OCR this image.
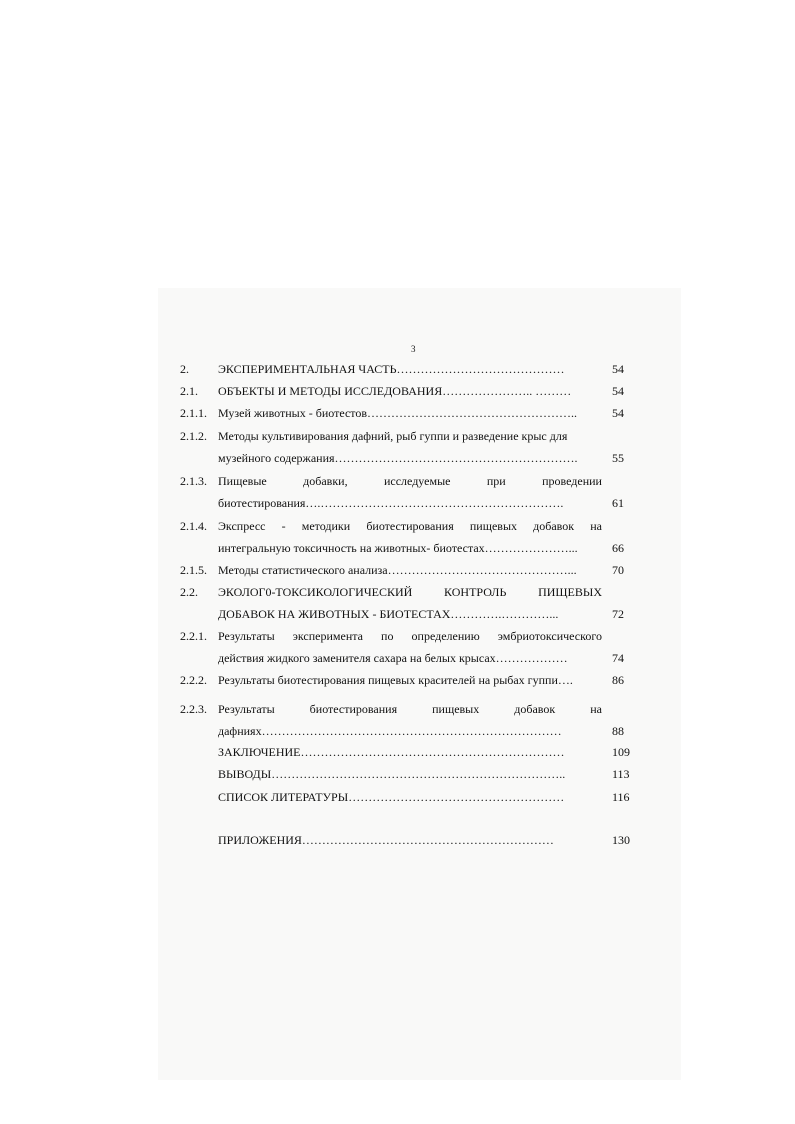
3
2. ЭКСПЕРИМЕНТАЛЬНАЯ ЧАСТЬ……………………………………	54
2.1. ОБЪЕКТЫ И МЕТОДЫ ИССЛЕДОВАНИЯ………………….. ………	54
2.1.1. Музей животных - биотестов……………………………………………..	54
2.1.2. Методы культивирования дафний, рыб гуппи и разведение крыс для
музейного содержания…………………………………………………….	55
2.1.3. Пищевые	добавки,	исследуемые	при	проведении
биотестирования….…………………………………………………….	61
2.1.4. Экспресс - методики биотестирования пищевых добавок на
интегральную токсичность на животных- биотестах…………………...	66
2.1.5. Методы статистического анализа………………………………………...	70
2.2. ЭКОЛОГ0-ТОКСИКОЛОГИЧЕСКИЙ	КОНТРОЛЬ	ПИЩЕВЫХ
ДОБАВОК НА ЖИВОТНЫХ - БИОТЕСТАХ………….…………...	72
2.2.1. Результаты эксперимента по определению эмбриотоксического
действия жидкого заменителя сахара на белых крысах………………	74
2.2.2. Результаты биотестирования пищевых красителей на рыбах гуппи….	86
2.2.3. Результаты	биотестирования	пищевых	добавок	на
дафниях…………………………………………………………………	88
ЗАКЛЮЧЕНИЕ…………………………………………………………	109
ВЫВОДЫ………………………………………………………………..	113
СПИСОК ЛИТЕРАТУРЫ………………………………………………	116
ПРИЛОЖЕНИЯ………………………………………………………	130
